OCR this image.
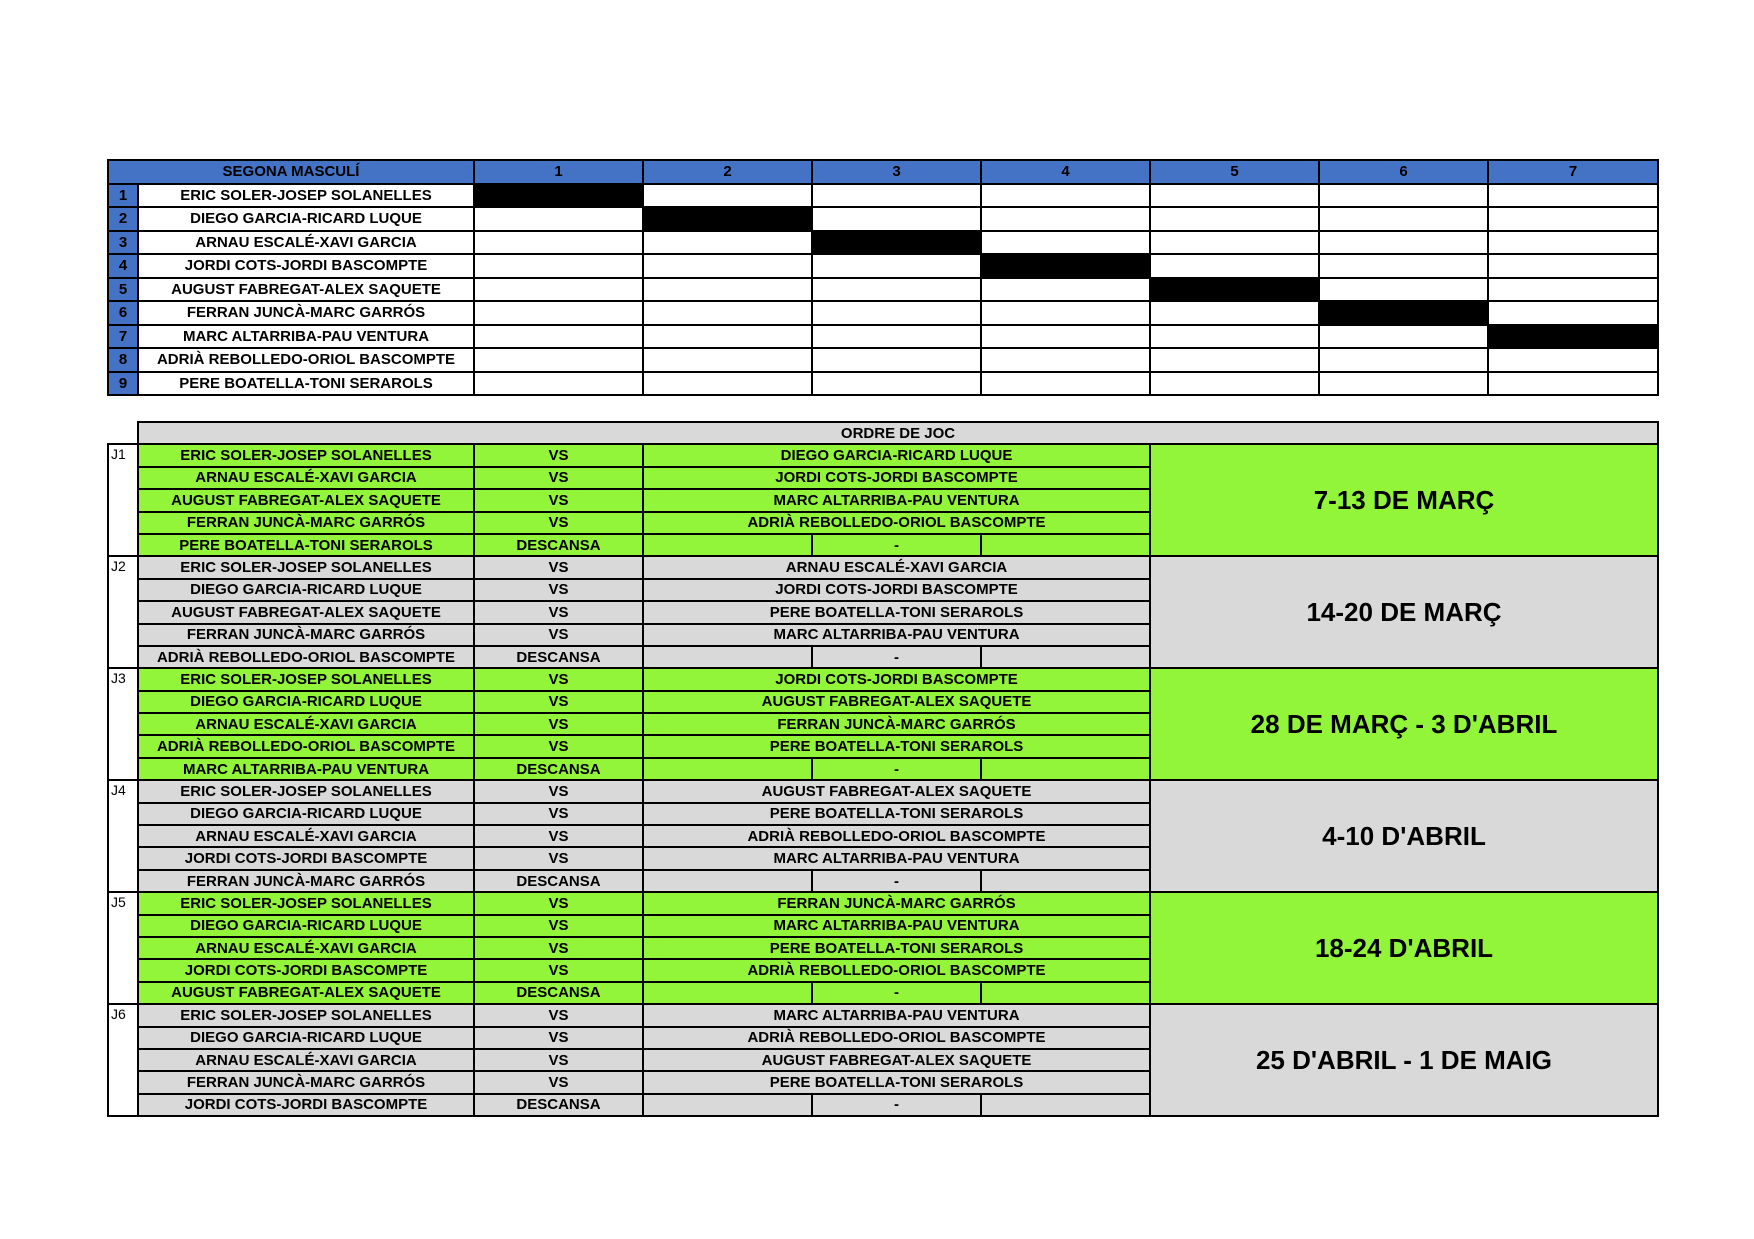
SEGONA MASCULÍ		1	2	3	4	5	6	7
1	ERIC SOLER-JOSEP SOLANELLES							
2	DIEGO GARCIA-RICARD LUQUE							
3	ARNAU ESCALÉ-XAVI GARCIA							
4	JORDI COTS-JORDI BASCOMPTE							
5	AUGUST FABREGAT-ALEX SAQUETE							
6	FERRAN JUNCÀ-MARC GARRÓS							
7	MARC ALTARRIBA-PAU VENTURA							
8	ADRIÀ REBOLLEDO-ORIOL BASCOMPTE							
9	PERE BOATELLA-TONI SERAROLS							
	ORDRE DE JOC					
J1	ERIC SOLER-JOSEP SOLANELLES	VS	DIEGO GARCIA-RICARD LUQUE			7-13 DE MARÇ
	ARNAU ESCALÉ-XAVI GARCIA	VS	JORDI COTS-JORDI BASCOMPTE			
	AUGUST FABREGAT-ALEX SAQUETE	VS	MARC ALTARRIBA-PAU VENTURA			
	FERRAN JUNCÀ-MARC GARRÓS	VS	ADRIÀ REBOLLEDO-ORIOL BASCOMPTE			
	PERE BOATELLA-TONI SERAROLS	DESCANSA		-		
J2	ERIC SOLER-JOSEP SOLANELLES	VS	ARNAU ESCALÉ-XAVI GARCIA			14-20 DE MARÇ
	DIEGO GARCIA-RICARD LUQUE	VS	JORDI COTS-JORDI BASCOMPTE			
	AUGUST FABREGAT-ALEX SAQUETE	VS	PERE BOATELLA-TONI SERAROLS			
	FERRAN JUNCÀ-MARC GARRÓS	VS	MARC ALTARRIBA-PAU VENTURA			
	ADRIÀ REBOLLEDO-ORIOL BASCOMPTE	DESCANSA		-		
J3	ERIC SOLER-JOSEP SOLANELLES	VS	JORDI COTS-JORDI BASCOMPTE			28 DE MARÇ - 3 D'ABRIL
	DIEGO GARCIA-RICARD LUQUE	VS	AUGUST FABREGAT-ALEX SAQUETE			
	ARNAU ESCALÉ-XAVI GARCIA	VS	FERRAN JUNCÀ-MARC GARRÓS			
	ADRIÀ REBOLLEDO-ORIOL BASCOMPTE	VS	PERE BOATELLA-TONI SERAROLS			
	MARC ALTARRIBA-PAU VENTURA	DESCANSA		-		
J4	ERIC SOLER-JOSEP SOLANELLES	VS	AUGUST FABREGAT-ALEX SAQUETE			4-10 D'ABRIL
	DIEGO GARCIA-RICARD LUQUE	VS	PERE BOATELLA-TONI SERAROLS			
	ARNAU ESCALÉ-XAVI GARCIA	VS	ADRIÀ REBOLLEDO-ORIOL BASCOMPTE			
	JORDI COTS-JORDI BASCOMPTE	VS	MARC ALTARRIBA-PAU VENTURA			
	FERRAN JUNCÀ-MARC GARRÓS	DESCANSA		-		
J5	ERIC SOLER-JOSEP SOLANELLES	VS	FERRAN JUNCÀ-MARC GARRÓS			18-24 D'ABRIL
	DIEGO GARCIA-RICARD LUQUE	VS	MARC ALTARRIBA-PAU VENTURA			
	ARNAU ESCALÉ-XAVI GARCIA	VS	PERE BOATELLA-TONI SERAROLS			
	JORDI COTS-JORDI BASCOMPTE	VS	ADRIÀ REBOLLEDO-ORIOL BASCOMPTE			
	AUGUST FABREGAT-ALEX SAQUETE	DESCANSA		-		
J6	ERIC SOLER-JOSEP SOLANELLES	VS	MARC ALTARRIBA-PAU VENTURA			25 D'ABRIL - 1 DE MAIG
	DIEGO GARCIA-RICARD LUQUE	VS	ADRIÀ REBOLLEDO-ORIOL BASCOMPTE			
	ARNAU ESCALÉ-XAVI GARCIA	VS	AUGUST FABREGAT-ALEX SAQUETE			
	FERRAN JUNCÀ-MARC GARRÓS	VS	PERE BOATELLA-TONI SERAROLS			
	JORDI COTS-JORDI BASCOMPTE	DESCANSA		-		
